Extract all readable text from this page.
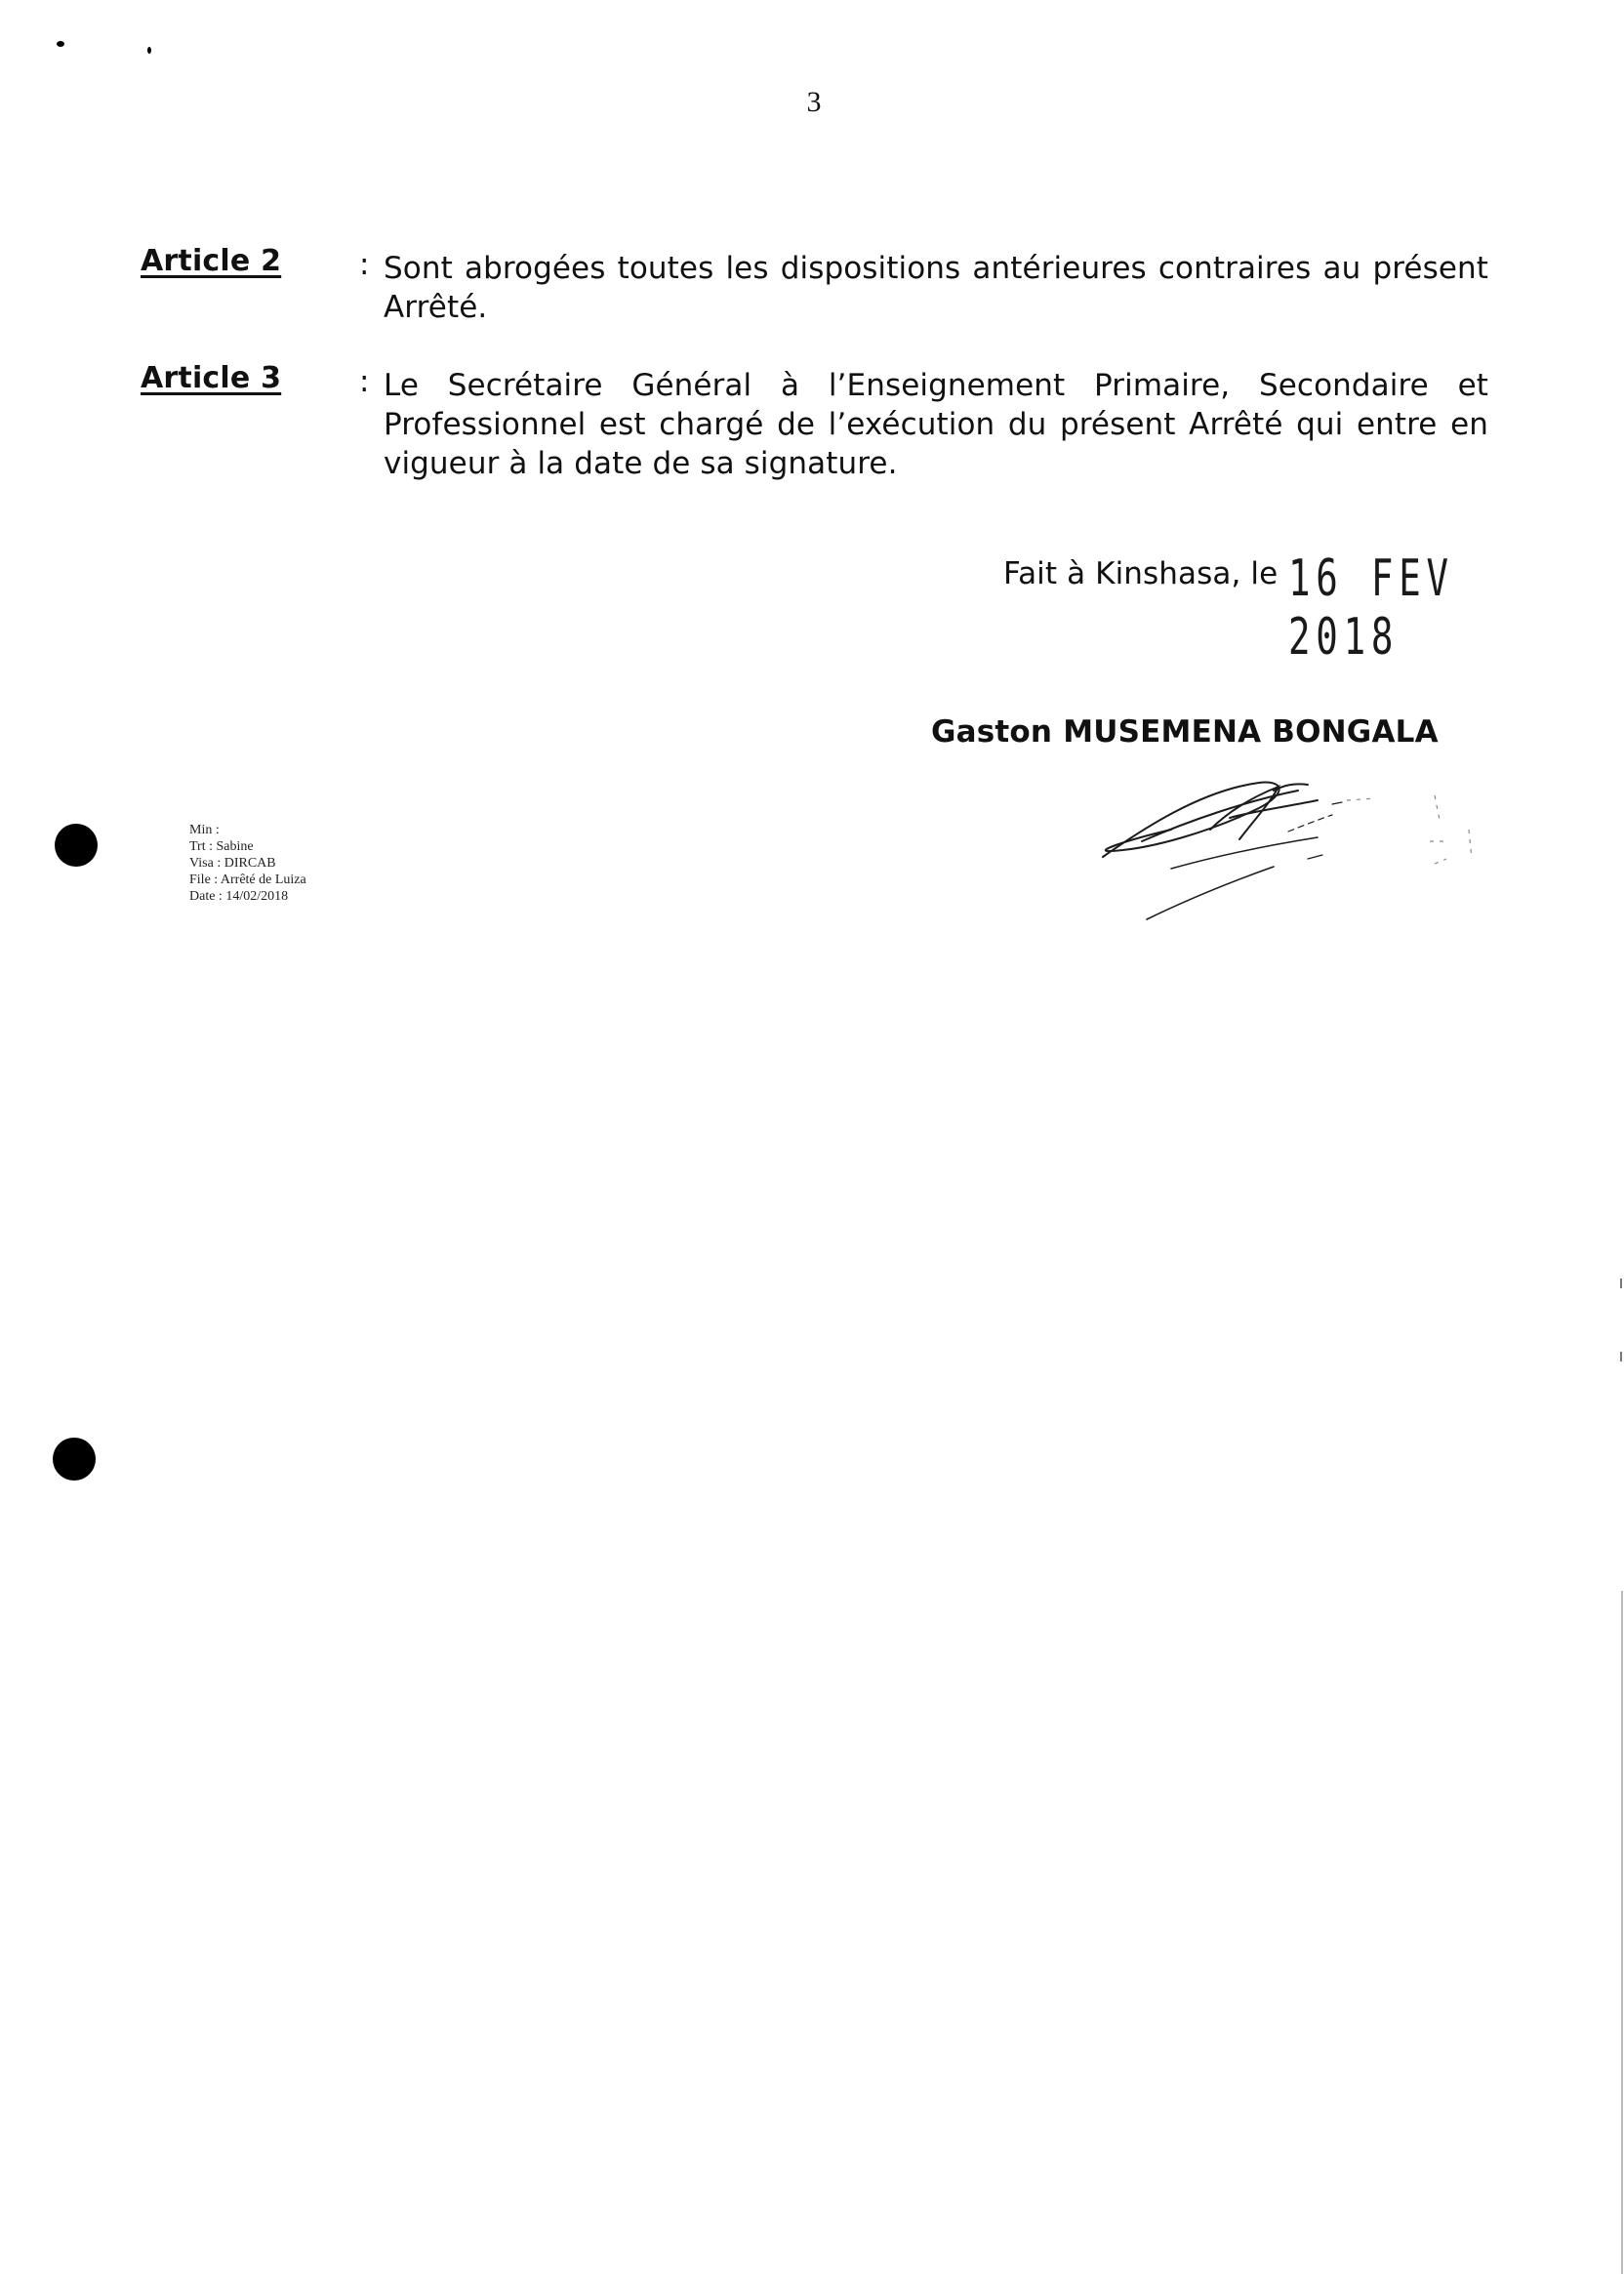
3
Article 2	: Sont abrogées toutes les dispositions antérieures contraires au présent Arrêté.
Article 3	: Le Secrétaire Général à l’Enseignement Primaire, Secondaire et Professionnel est chargé de l’exécution du présent Arrêté qui entre en vigueur à la date de sa signature.
Fait à Kinshasa, le 16 FEV 2018
Gaston MUSEMENA BONGALA
Min :
Trt : Sabine
Visa : DIRCAB
File : Arrêté de Luiza
Date : 14/02/2018
